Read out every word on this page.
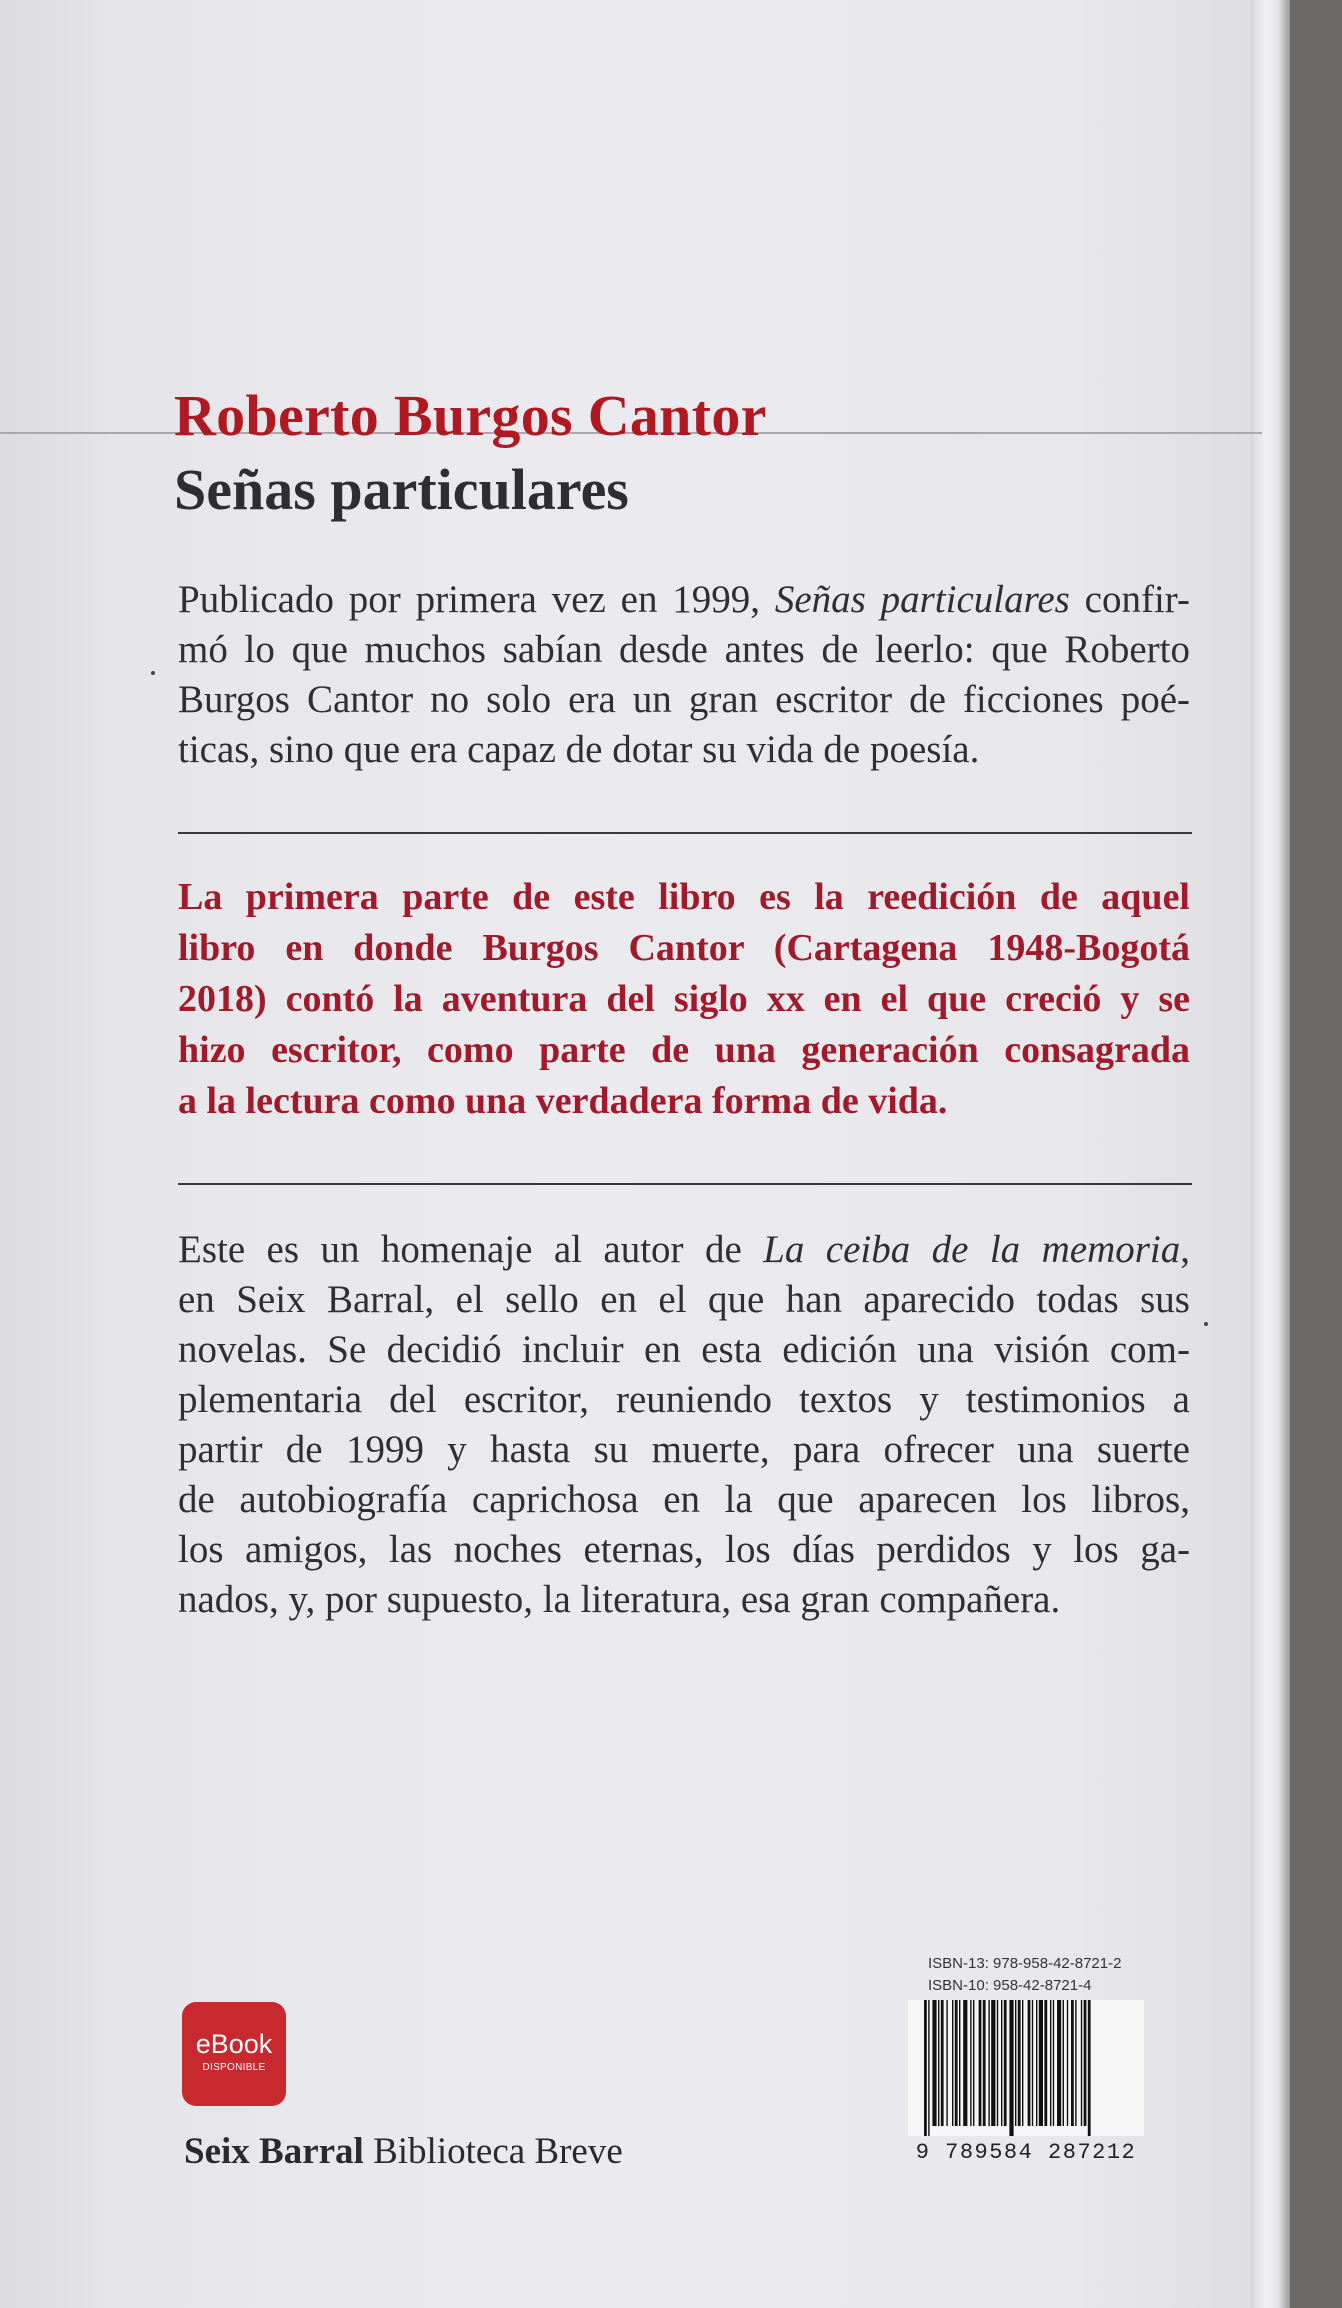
Roberto Burgos Cantor
Señas particulares
Publicado por primera vez en 1999, Señas particulares confir-
mó lo que muchos sabían desde antes de leerlo: que Roberto
Burgos Cantor no solo era un gran escritor de ficciones poé-
ticas, sino que era capaz de dotar su vida de poesía.
La primera parte de este libro es la reedición de aquel
libro en donde Burgos Cantor (Cartagena 1948-Bogotá
2018) contó la aventura del siglo xx en el que creció y se
hizo escritor, como parte de una generación consagrada
a la lectura como una verdadera forma de vida.
Este es un homenaje al autor de La ceiba de la memoria,
en Seix Barral, el sello en el que han aparecido todas sus
novelas. Se decidió incluir en esta edición una visión com-
plementaria del escritor, reuniendo textos y testimonios a
partir de 1999 y hasta su muerte, para ofrecer una suerte
de autobiografía caprichosa en la que aparecen los libros,
los amigos, las noches eternas, los días perdidos y los ga-
nados, y, por supuesto, la literatura, esa gran compañera.
eBook
DISPONIBLE

Seix Barral Biblioteca Breve

ISBN-13: 978-958-42-8721-2

ISBN-10: 958-42-8721-4

9 789584 287212
